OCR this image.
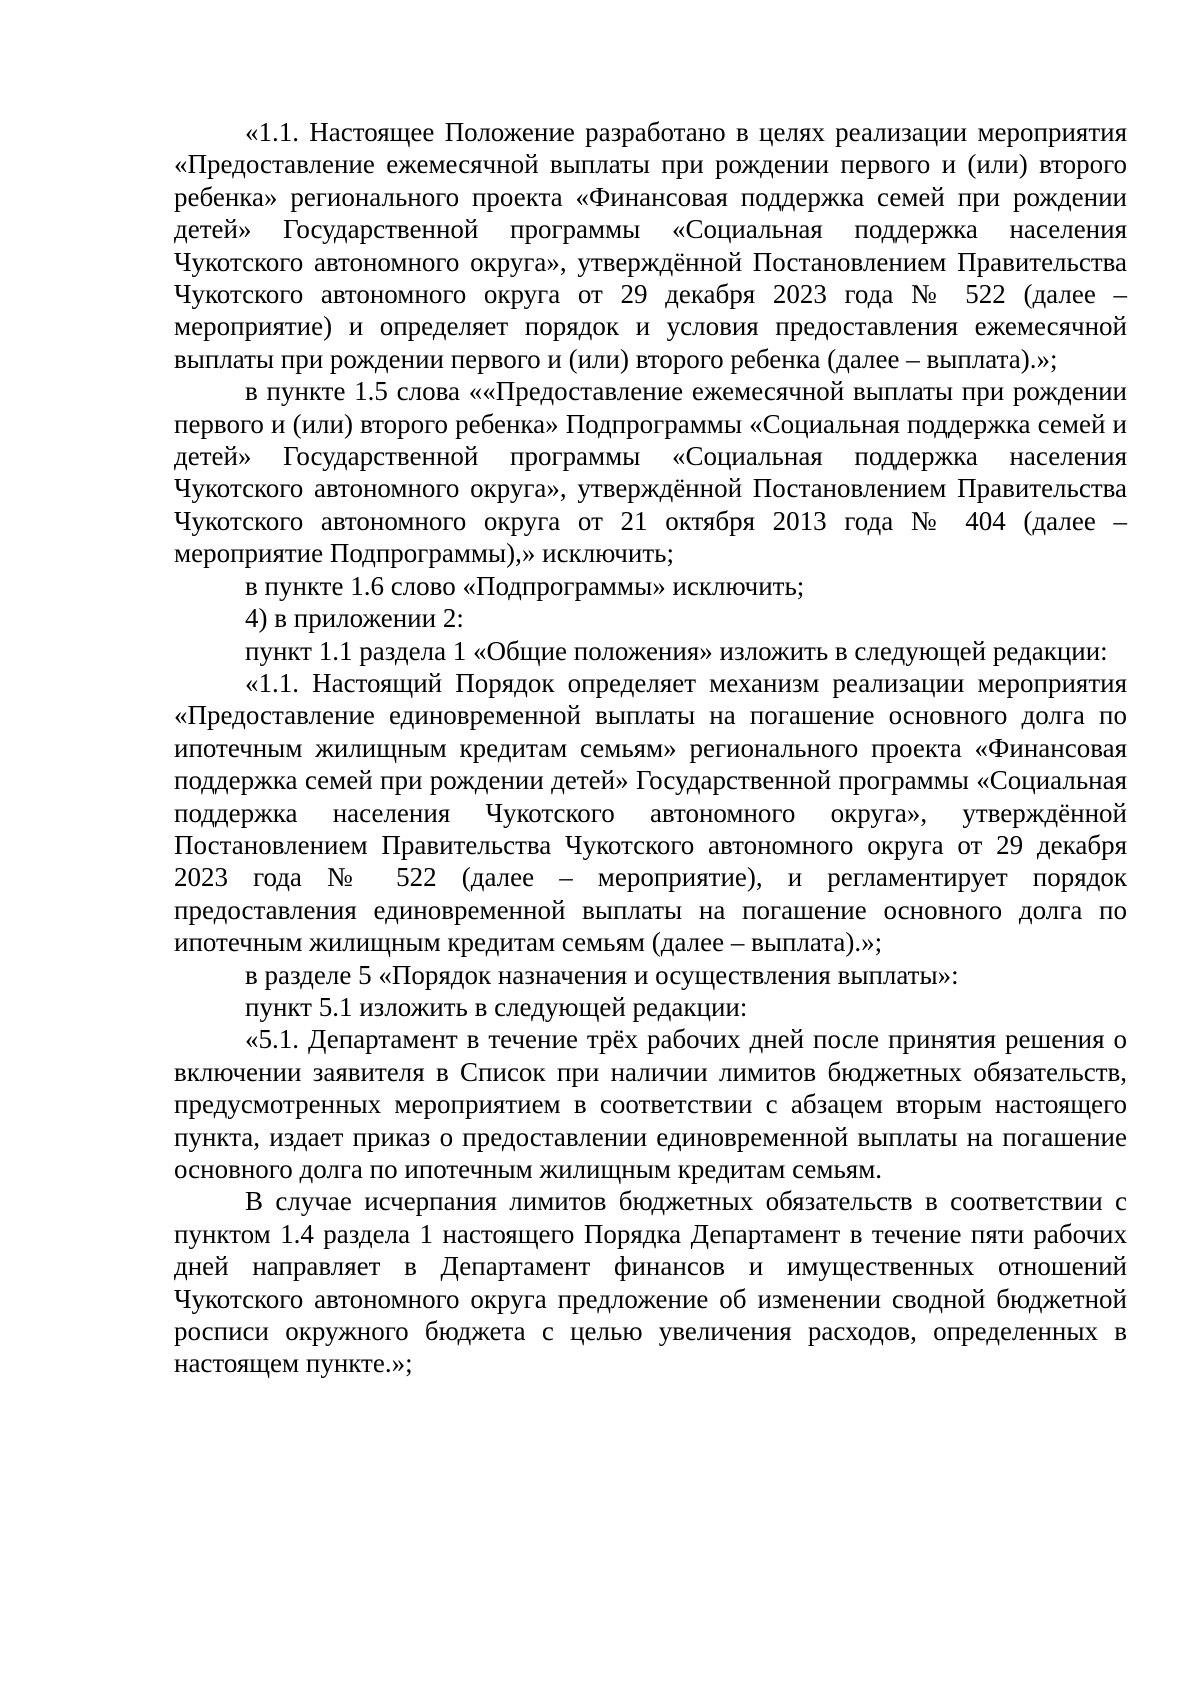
«1.1. Настоящее Положение разработано в целях реализации мероприятия «Предоставление ежемесячной выплаты при рождении первого и (или) второго ребенка» регионального проекта «Финансовая поддержка семей при рождении детей» Государственной программы «Социальная поддержка населения Чукотского автономного округа», утверждённой Постановлением Правительства Чукотского автономного округа от 29 декабря 2023 года № 522 (далее – мероприятие) и определяет порядок и условия предоставления ежемесячной выплаты при рождении первого и (или) второго ребенка (далее – выплата).»;

в пункте 1.5 слова ««Предоставление ежемесячной выплаты при рождении первого и (или) второго ребенка» Подпрограммы «Социальная поддержка семей и детей» Государственной программы «Социальная поддержка населения Чукотского автономного округа», утверждённой Постановлением Правительства Чукотского автономного округа от 21 октября 2013 года № 404 (далее – мероприятие Подпрограммы),» исключить;

в пункте 1.6 слово «Подпрограммы» исключить;

4) в приложении 2:

пункт 1.1 раздела 1 «Общие положения» изложить в следующей редакции:

«1.1. Настоящий Порядок определяет механизм реализации мероприятия «Предоставление единовременной выплаты на погашение основного долга по ипотечным жилищным кредитам семьям» регионального проекта «Финансовая поддержка семей при рождении детей» Государственной программы «Социальная поддержка населения Чукотского автономного округа», утверждённой Постановлением Правительства Чукотского автономного округа от 29 декабря 2023 года № 522 (далее – мероприятие), и регламентирует порядок предоставления единовременной выплаты на погашение основного долга по ипотечным жилищным кредитам семьям (далее – выплата).»;

в разделе 5 «Порядок назначения и осуществления выплаты»:

пункт 5.1 изложить в следующей редакции:

«5.1. Департамент в течение трёх рабочих дней после принятия решения о включении заявителя в Список при наличии лимитов бюджетных обязательств, предусмотренных мероприятием в соответствии с абзацем вторым настоящего пункта, издает приказ о предоставлении единовременной выплаты на погашение основного долга по ипотечным жилищным кредитам семьям.

В случае исчерпания лимитов бюджетных обязательств в соответствии с пунктом 1.4 раздела 1 настоящего Порядка Департамент в течение пяти рабочих дней направляет в Департамент финансов и имущественных отношений Чукотского автономного округа предложение об изменении сводной бюджетной росписи окружного бюджета с целью увеличения расходов, определенных в настоящем пункте.»;
